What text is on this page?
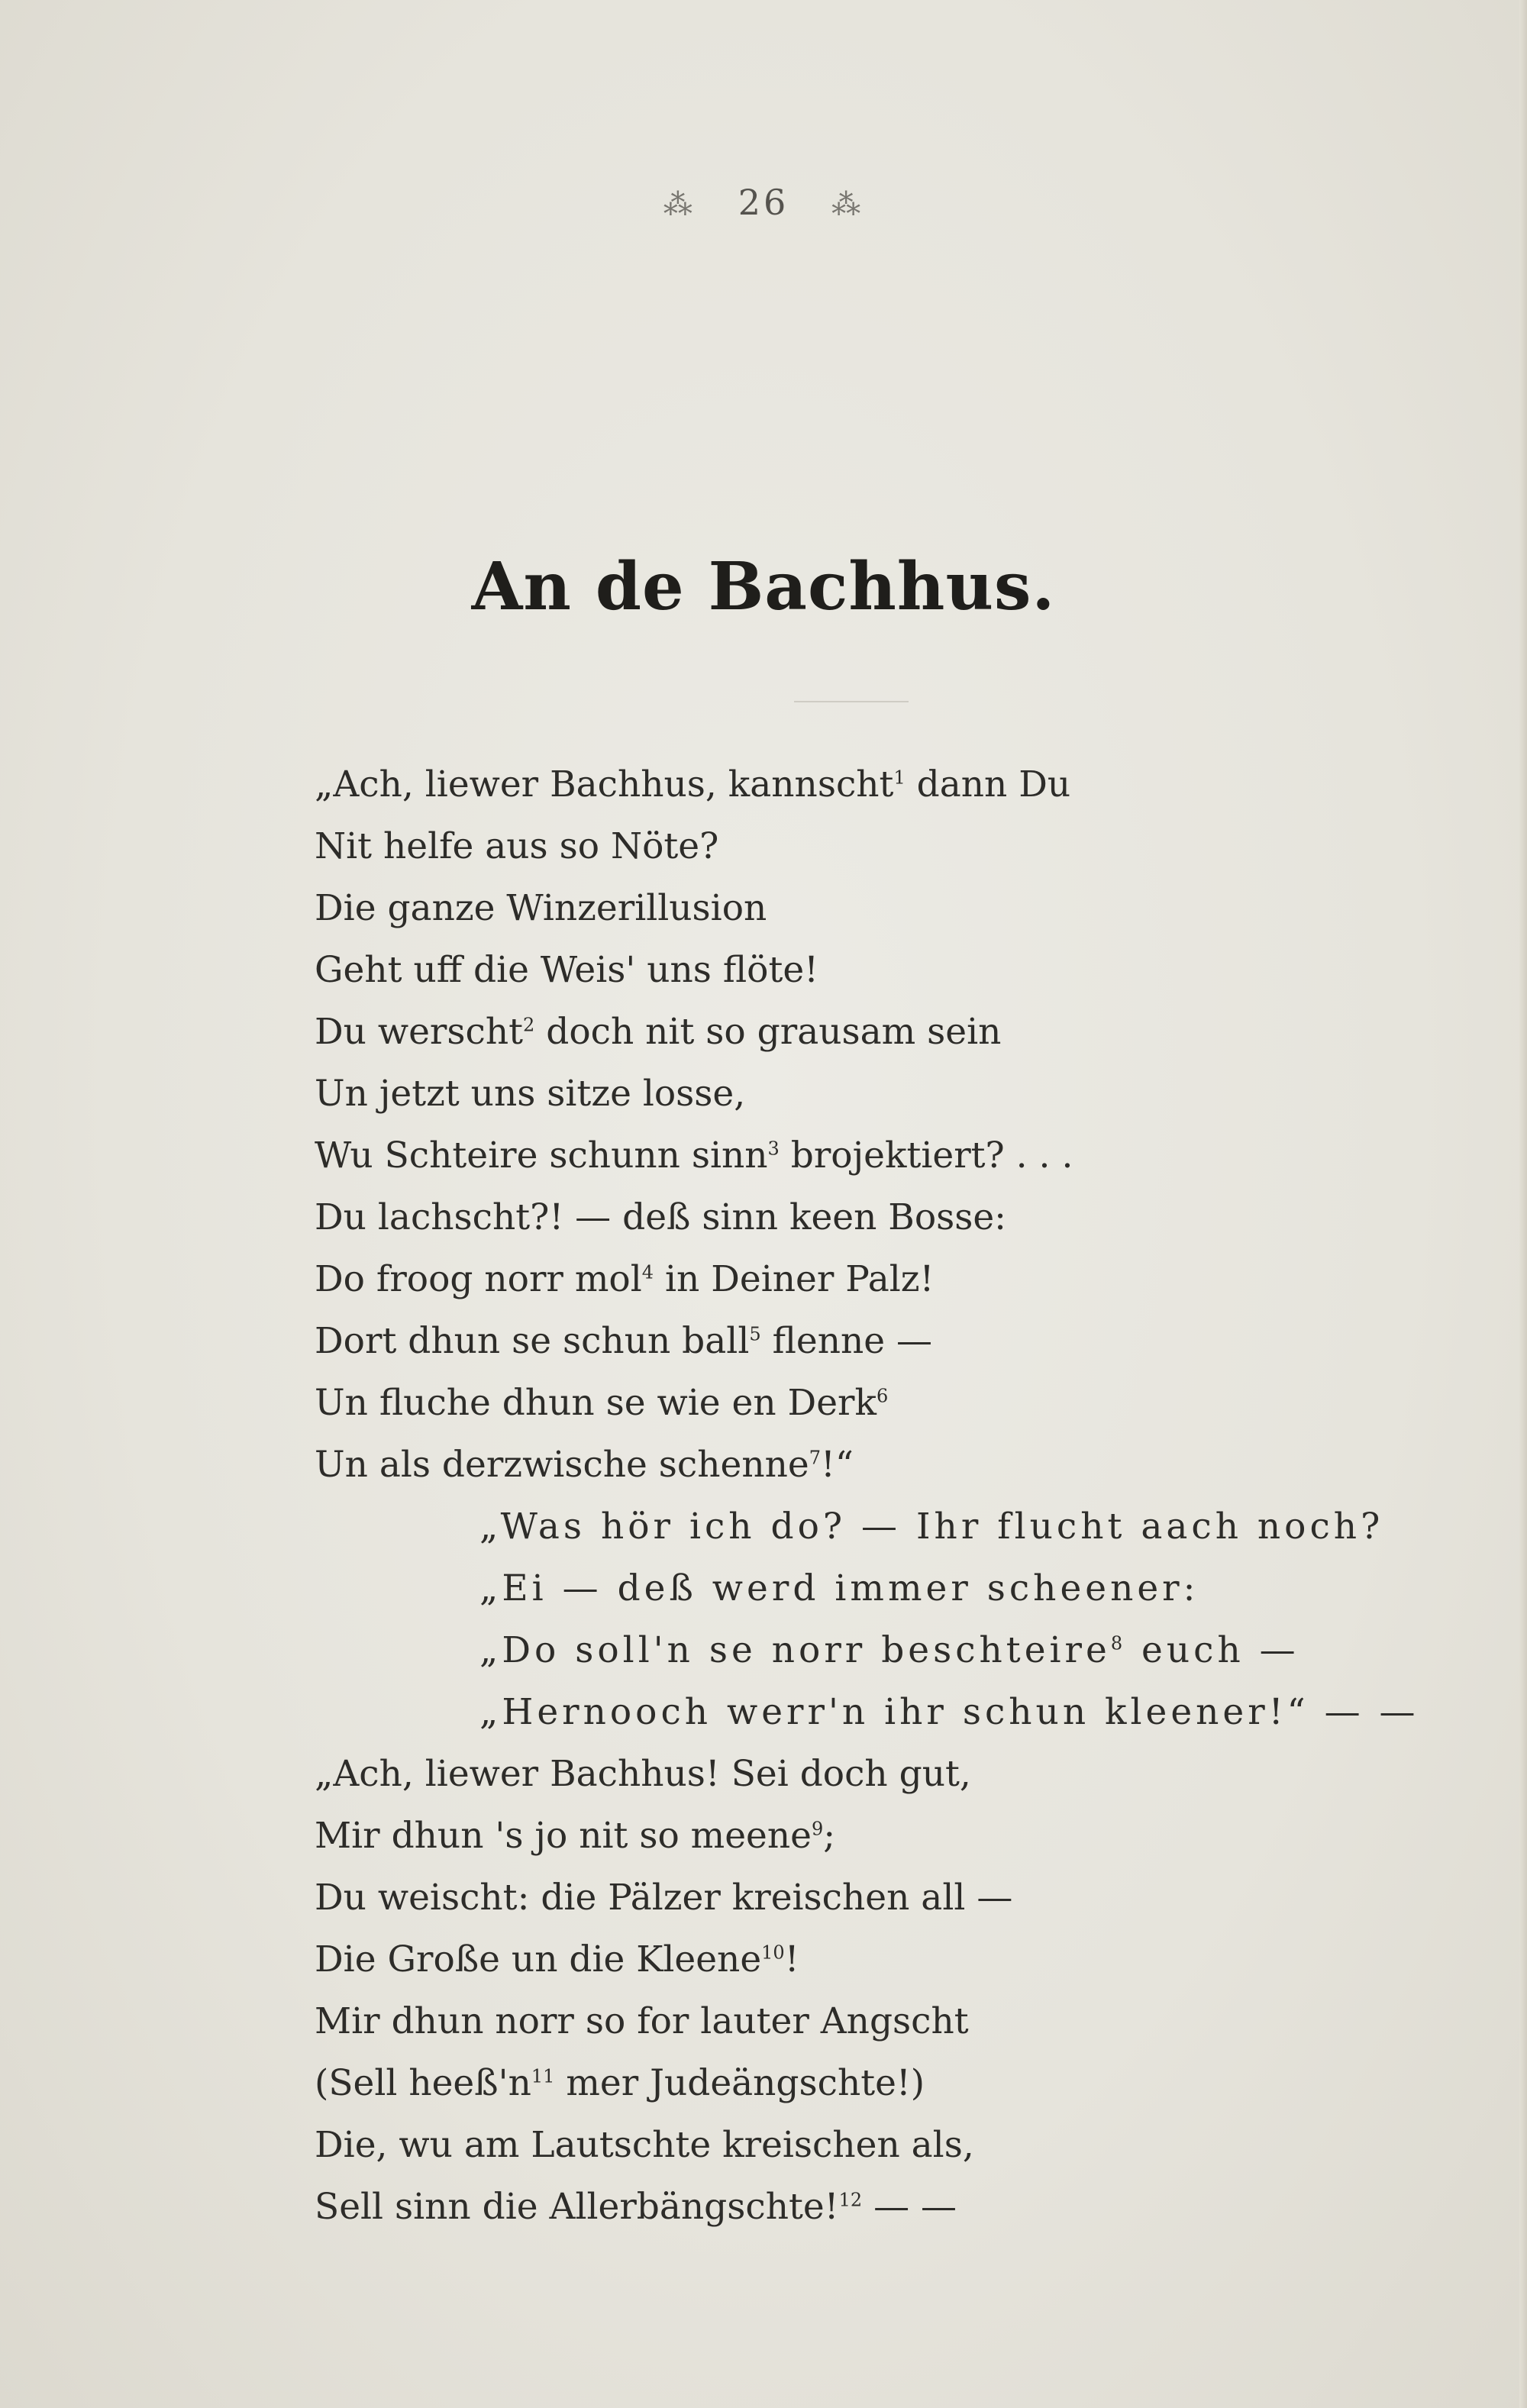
⁂ 26 ⁂
An de Bachhus.
„Ach, liewer Bachhus, kannscht$^1$ dann Du
Nit helfe aus so Nöte?
Die ganze Winzerillusion
Geht uff die Weis' uns flöte!
Du werscht$^2$ doch nit so grausam sein
Un jetzt uns sitze losse,
Wu Schteire schunn sinn$^3$ brojektiert? . . .
Du lachscht?! — deß sinn keen Bosse:
Do froog norr mol$^4$ in Deiner Palz!
Dort dhun se schun ball$^5$ flenne —
Un fluche dhun se wie en Derk$^6$
Un als derzwische schenne$^7$!“
„Was hör ich do? — Ihr flucht aach noch?
„Ei — deß werd immer scheener:
„Do soll'n se norr beschteire$^8$ euch —
„Hernooch werr'n ihr schun kleener!“ — —
„Ach, liewer Bachhus! Sei doch gut,
Mir dhun 's jo nit so meene$^9$;
Du weischt: die Pälzer kreischen all —
Die Große un die Kleene$^{10}$!
Mir dhun norr so for lauter Angscht
(Sell $heeß'n^{11}$ mer Judeängschte!)
Die, wu am Lautschte kreischen als,
Sell sinn die Allerbängschte!$^{12}$ — —
